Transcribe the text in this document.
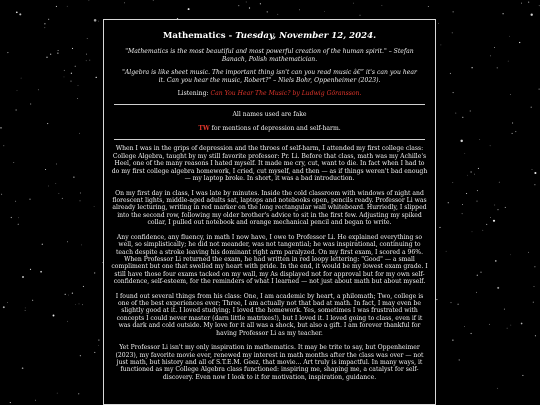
Mathematics - Tuesday, November 12, 2024.
"Mathematics is the most beautiful and most powerful creation of the human spirit." – Stefan Banach, Polish mathematician.
"Algebra is like sheet music. The important thing isn't can you read music â€” it's can you hear it. Can you hear the music, Robert?" – Niels Bohr, Oppenheimer (2023).
Listening: Can You Hear The Music? by Ludwig Göransson.
All names used are fake
TW for mentions of depression and self-harm.

When I was in the grips of depression and the throes of self-harm, I attended my first college class: College Algebra, taught by my still favorite professor: Pr. Li. Before that class, math was my Achille's Heel, one of the many reasons I hated myself. It made me cry, cut, want to die. In fact when I had to do my first college algebra homework, I cried, cut myself, and then — as if things weren't bad enough — my laptop broke. In short, it was a bad introduction.

On my first day in class, I was late by minutes. Inside the cold classroom with windows of night and florescent lights, middle-aged adults sat, laptops and notebooks open, pencils ready. Professor Li was already lecturing, writing in red marker on the long rectangular wall whiteboard. Hurriedly, I slipped into the second row, following my older brother's advice to sit in the first few. Adjusting my spiked collar, I pulled out notebook and orange mechanical pencil and began to write.

Any confidence, any fluency, in math I now have, I owe to Professor Li. He explained everything so well, so simplistically; he did not meander, was not tangential; he was inspirational, continuing to teach despite a stroke leaving his dominant right arm paralyzed. On my first exam, I scored a 96%. When Professor Li returned the exam, he had written in red loopy lettering: "Good" — a small compliment but one that swelled my heart with pride. In the end, it would be my lowest exam grade. I still have those four exams tacked on my wall, my As displayed not for approval but for my own self-confidence, self-esteem, for the reminders of what I learned — not just about math but about myself.

I found out several things from his class: One, I am academic by heart, a philomath; Two, college is one of the best experiences ever; Three, I am actually not that bad at math. In fact, I may even be slightly good at it. I loved studying; I loved the homework. Yes, sometimes I was frustrated with concepts I could never master (darn little matrixes!), but I loved it. I loved going to class, even if it was dark and cold outside. My love for it all was a shock, but also a gift. I am forever thankful for having Professor Li as my teacher.

Yet Professor Li isn't my only inspiration in mathematics. It may be trite to say, but Oppenheimer (2023), my favorite movie ever, renewed my interest in math months after the class was over — not just math, but history and all of S.T.E.M. Geez, that movie... Art truly is impactful. In many ways, it functioned as my College Algebra class functioned: inspiring me, shaping me, a catalyst for self-discovery. Even now I look to it for motivation, inspiration, guidance.
